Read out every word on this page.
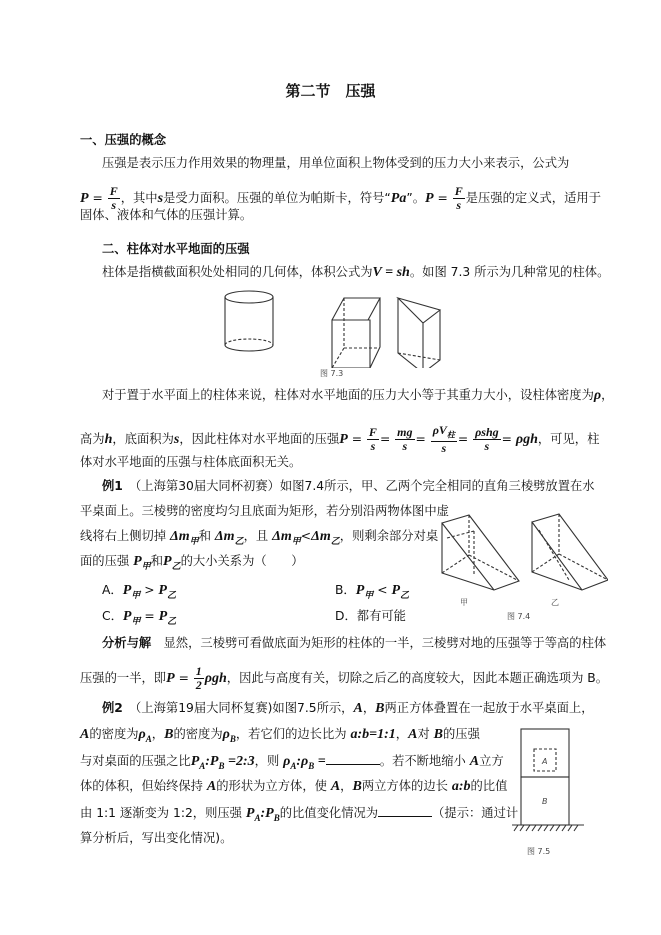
第二节　压强
一、压强的概念
压强是表示压力作用效果的物理量，用单位面积上物体受到的压力大小来表示，公式为
$P = \frac{F}{s}$ ，其中s是受力面积。压强的单位为帕斯卡，符号“Pa”。$P = \frac{F}{s}$ 是压强的定义式，适用于
固体、液体和气体的压强计算。
二、柱体对水平地面的压强
柱体是指横截面积处处相同的几何体，体积公式为V = sh。如图 7.3 所示为几种常见的柱体。
对于置于水平面上的柱体来说，柱体对水平地面的压力大小等于其重力大小，设柱体密度为ρ，
高为h，底面积为s，因此柱体对水平地面的压强$P = \frac{F}{s} = \frac{mg}{s}$ =
$\rho V_柱$
s
= ρshg
s = ρgh，可见，柱
体对水平地面的压强与柱体底面积无关。
例1　（上海第30届大同杯初赛）如图7.4所示，甲、乙两个完全相同的直角三棱劈放置在水
平桌面上。三棱劈的密度均匀且底面为矩形，若分别沿两物体图中虚
线将右上侧切掉 $\Delta m_甲$和 $\Delta m_乙$，且 $\Delta m_甲<\Delta m_乙$，则剩余部分对桌
面的压强 $P_甲$和$P_乙$的大小关系为（　　）
A．$P_甲 > P_乙$	B．$P_甲 < P_乙$
C．$P_甲 = P_乙$	D．都有可能
分析与解　显然，三棱劈可看做底面为矩形的柱体的一半，三棱劈对地的压强等于等高的柱体
压强的一半，即$P = \frac{1}{2}$ ρgh，因此与高度有关，切除之后乙的高度较大，因此本题正确选项为 B。
例2　（上海第19届大同杯复赛)如图7.5所示，A，B两正方体叠置在一起放于水平桌面上，
A的密度为$\rho_A$，B的密度为$\rho_B$，若它们的边长比为 a:b=1:1，A对 B的压强
与对桌面的压强之比$P_A:P_B$ =2:3，则 $\rho_A:\rho_B$ =	。若不断地缩小 A立方
体的体积，但始终保持 A的形状为立方体，使 A，B两立方体的边长 a:b的比值
由 1:1 逐渐变为 1:2，则压强 $P_A:P_B$的比值变化情况为	（提示：通过计
算分析后，写出变化情况)。
图 7.3
甲	乙
图 7.4
A
B
图 7.5
